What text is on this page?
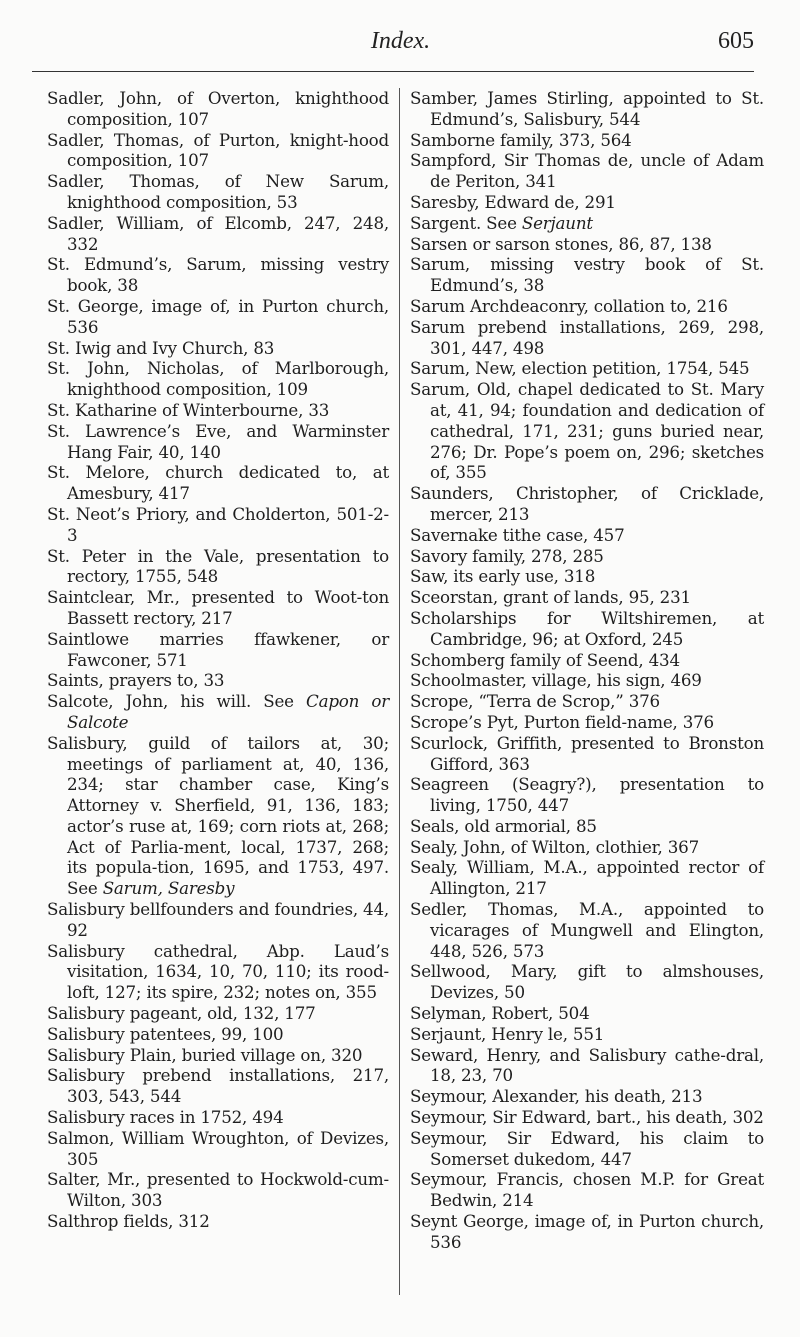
Index.	605
Sadler, John, of Overton, knighthood composition, 107
Sadler, Thomas, of Purton, knight-hood composition, 107
Sadler, Thomas, of New Sarum, knighthood composition, 53
Sadler, William, of Elcomb, 247, 248, 332
St. Edmund’s, Sarum, missing vestry book, 38
St. George, image of, in Purton church, 536
St. Iwig and Ivy Church, 83
St. John, Nicholas, of Marlborough, knighthood composition, 109
St. Katharine of Winterbourne, 33
St. Lawrence’s Eve, and Warminster Hang Fair, 40, 140
St. Melore, church dedicated to, at Amesbury, 417
St. Neot’s Priory, and Cholderton, 501-2-3
St. Peter in the Vale, presentation to rectory, 1755, 548
Saintclear, Mr., presented to Woot-ton Bassett rectory, 217
Saintlowe marries ffawkener, or Fawconer, 571
Saints, prayers to, 33
Salcote, John, his will. See Capon or Salcote
Salisbury, guild of tailors at, 30; meetings of parliament at, 40, 136, 234; star chamber case, King’s Attorney v. Sherfield, 91, 136, 183; actor’s ruse at, 169; corn riots at, 268; Act of Parlia-ment, local, 1737, 268; its popula-tion, 1695, and 1753, 497. See Sarum, Saresby
Salisbury bellfounders and foundries, 44, 92
Salisbury cathedral, Abp. Laud’s visitation, 1634, 10, 70, 110; its rood-loft, 127; its spire, 232; notes on, 355
Salisbury pageant, old, 132, 177
Salisbury patentees, 99, 100
Salisbury Plain, buried village on, 320
Salisbury prebend installations, 217, 303, 543, 544
Salisbury races in 1752, 494
Salmon, William Wroughton, of Devizes, 305
Salter, Mr., presented to Hockwold-cum-Wilton, 303
Salthrop fields, 312
Samber, James Stirling, appointed to St. Edmund’s, Salisbury, 544
Samborne family, 373, 564
Sampford, Sir Thomas de, uncle of Adam de Periton, 341
Saresby, Edward de, 291
Sargent. See Serjaunt
Sarsen or sarson stones, 86, 87, 138
Sarum, missing vestry book of St. Edmund’s, 38
Sarum Archdeaconry, collation to, 216
Sarum prebend installations, 269, 298, 301, 447, 498
Sarum, New, election petition, 1754, 545
Sarum, Old, chapel dedicated to St. Mary at, 41, 94; foundation and dedication of cathedral, 171, 231; guns buried near, 276; Dr. Pope’s poem on, 296; sketches of, 355
Saunders, Christopher, of Cricklade, mercer, 213
Savernake tithe case, 457
Savory family, 278, 285
Saw, its early use, 318
Sceorstan, grant of lands, 95, 231
Scholarships for Wiltshiremen, at Cambridge, 96; at Oxford, 245
Schomberg family of Seend, 434
Schoolmaster, village, his sign, 469
Scrope, “Terra de Scrop,” 376
Scrope’s Pyt, Purton field-name, 376
Scurlock, Griffith, presented to Bronston Gifford, 363
Seagreen (Seagry?), presentation to living, 1750, 447
Seals, old armorial, 85
Sealy, John, of Wilton, clothier, 367
Sealy, William, M.A., appointed rector of Allington, 217
Sedler, Thomas, M.A., appointed to vicarages of Mungwell and Elington, 448, 526, 573
Sellwood, Mary, gift to almshouses, Devizes, 50
Selyman, Robert, 504
Serjaunt, Henry le, 551
Seward, Henry, and Salisbury cathe-dral, 18, 23, 70
Seymour, Alexander, his death, 213
Seymour, Sir Edward, bart., his death, 302
Seymour, Sir Edward, his claim to Somerset dukedom, 447
Seymour, Francis, chosen M.P. for Great Bedwin, 214
Seynt George, image of, in Purton church, 536
